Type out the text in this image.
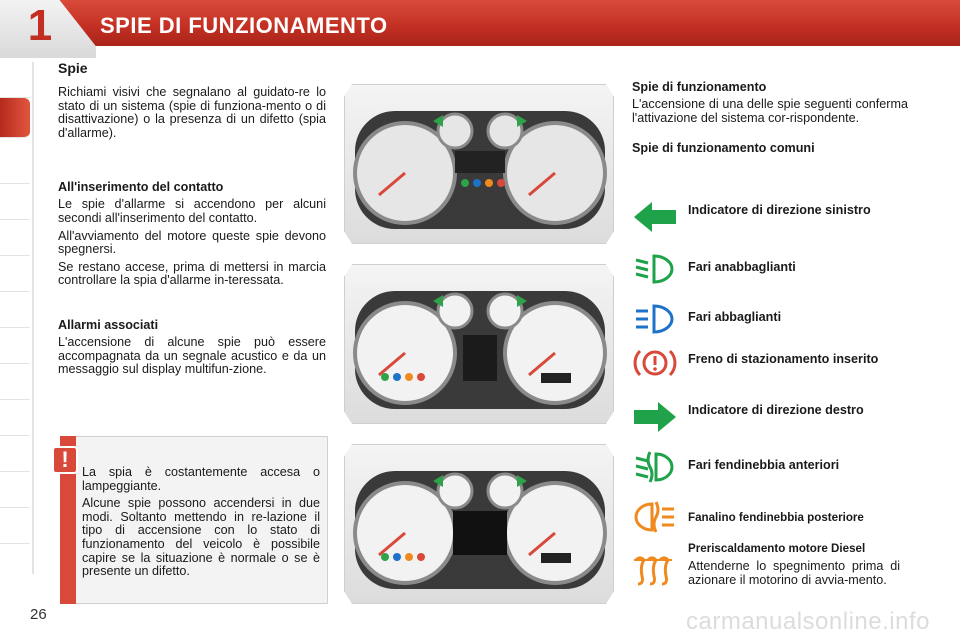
1	SPIE DI FUNZIONAMENTO
Spie

Richiami visivi che segnalano al guidato-re lo stato di un sistema (spie di funziona-mento o di disattivazione) o la presenza di un difetto (spia d'allarme).

All'inserimento del contatto

Le spie d'allarme si accendono per alcuni secondi all'inserimento del contatto.

All'avviamento del motore queste spie devono spegnersi.

Se restano accese, prima di mettersi in marcia controllare la spia d'allarme in-teressata.

Allarmi associati

L'accensione di alcune spie può essere accompagnata da un segnale acustico e da un messaggio sul display multifun-zione.

!	La spia è costantemente accesa o lampeggiante.

Alcune spie possono accendersi in due modi. Soltanto mettendo in re-lazione il tipo di accensione con lo stato di funzionamento del veicolo è possibile capire se la situazione è normale o se è presente un difetto.

Spie di funzionamento

L'accensione di una delle spie seguenti conferma l'attivazione del sistema cor-rispondente.

Spie di funzionamento comuni
Indicatore di direzione sinistro
Fari anabbaglianti
Fari abbaglianti
Freno di stazionamento inserito
Indicatore di direzione destro
Fari fendinebbia anteriori
Fanalino fendinebbia posteriore
Preriscaldamento motore Diesel

Attenderne lo spegnimento prima di azionare il motorino di avvia-mento.

26	carmanualsonline.info
